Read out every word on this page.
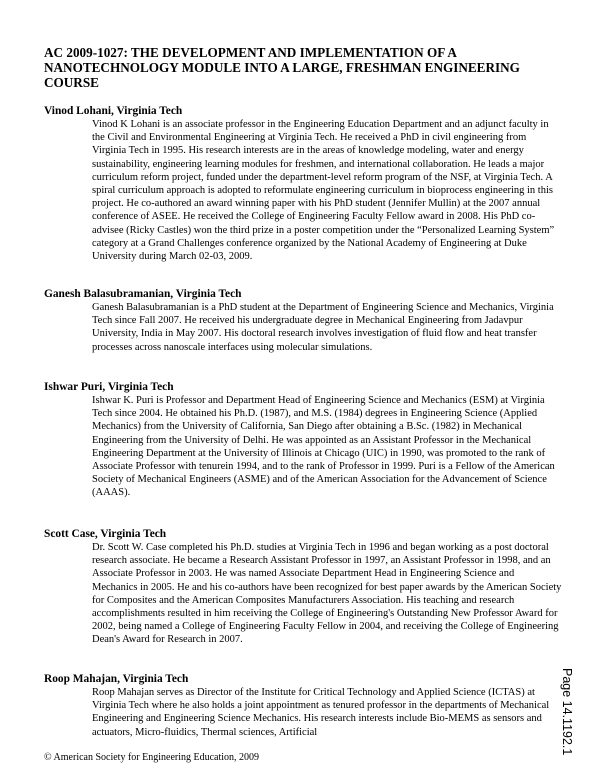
AC 2009-1027: THE DEVELOPMENT AND IMPLEMENTATION OF A NANOTECHNOLOGY MODULE INTO A LARGE, FRESHMAN ENGINEERING COURSE
Vinod Lohani, Virginia Tech
Vinod K Lohani is an associate professor in the Engineering Education Department and an adjunct faculty in the Civil and Environmental Engineering at Virginia Tech. He received a PhD in civil engineering from Virginia Tech in 1995. His research interests are in the areas of knowledge modeling, water and energy sustainability, engineering learning modules for freshmen, and international collaboration. He leads a major curriculum reform project, funded under the department-level reform program of the NSF, at Virginia Tech. A spiral curriculum approach is adopted to reformulate engineering curriculum in bioprocess engineering in this project. He co-authored an award winning paper with his PhD student (Jennifer Mullin) at the 2007 annual conference of ASEE. He received the College of Engineering Faculty Fellow award in 2008. His PhD co-advisee (Ricky Castles) won the third prize in a poster competition under the “Personalized Learning System” category at a Grand Challenges conference organized by the National Academy of Engineering at Duke University during March 02-03, 2009.
Ganesh Balasubramanian, Virginia Tech
Ganesh Balasubramanian is a PhD student at the Department of Engineering Science and Mechanics, Virginia Tech since Fall 2007. He received his undergraduate degree in Mechanical Engineering from Jadavpur University, India in May 2007. His doctoral research involves investigation of fluid flow and heat transfer processes across nanoscale interfaces using molecular simulations.
Ishwar Puri, Virginia Tech
Ishwar K. Puri is Professor and Department Head of Engineering Science and Mechanics (ESM) at Virginia Tech since 2004. He obtained his Ph.D. (1987), and M.S. (1984) degrees in Engineering Science (Applied Mechanics) from the University of California, San Diego after obtaining a B.Sc. (1982) in Mechanical Engineering from the University of Delhi. He was appointed as an Assistant Professor in the Mechanical Engineering Department at the University of Illinois at Chicago (UIC) in 1990, was promoted to the rank of Associate Professor with tenurein 1994, and to the rank of Professor in 1999. Puri is a Fellow of the American Society of Mechanical Engineers (ASME) and of the American Association for the Advancement of Science (AAAS).
Scott Case, Virginia Tech
Dr. Scott W. Case completed his Ph.D. studies at Virginia Tech in 1996 and began working as a post doctoral research associate. He became a Research Assistant Professor in 1997, an Assistant Professor in 1998, and an Associate Professor in 2003. He was named Associate Department Head in Engineering Science and Mechanics in 2005. He and his co-authors have been recognized for best paper awards by the American Society for Composites and the American Composites Manufacturers Association. His teaching and research accomplishments resulted in him receiving the College of Engineering's Outstanding New Professor Award for 2002, being named a College of Engineering Faculty Fellow in 2004, and receiving the College of Engineering Dean's Award for Research in 2007.
Roop Mahajan, Virginia Tech
Roop Mahajan serves as Director of the Institute for Critical Technology and Applied Science (ICTAS) at Virginia Tech where he also holds a joint appointment as tenured professor in the departments of Mechanical Engineering and Engineering Science Mechanics. His research interests include Bio-MEMS as sensors and actuators, Micro-fluidics, Thermal sciences, Artificial
© American Society for Engineering Education, 2009
Page 14.1192.1
